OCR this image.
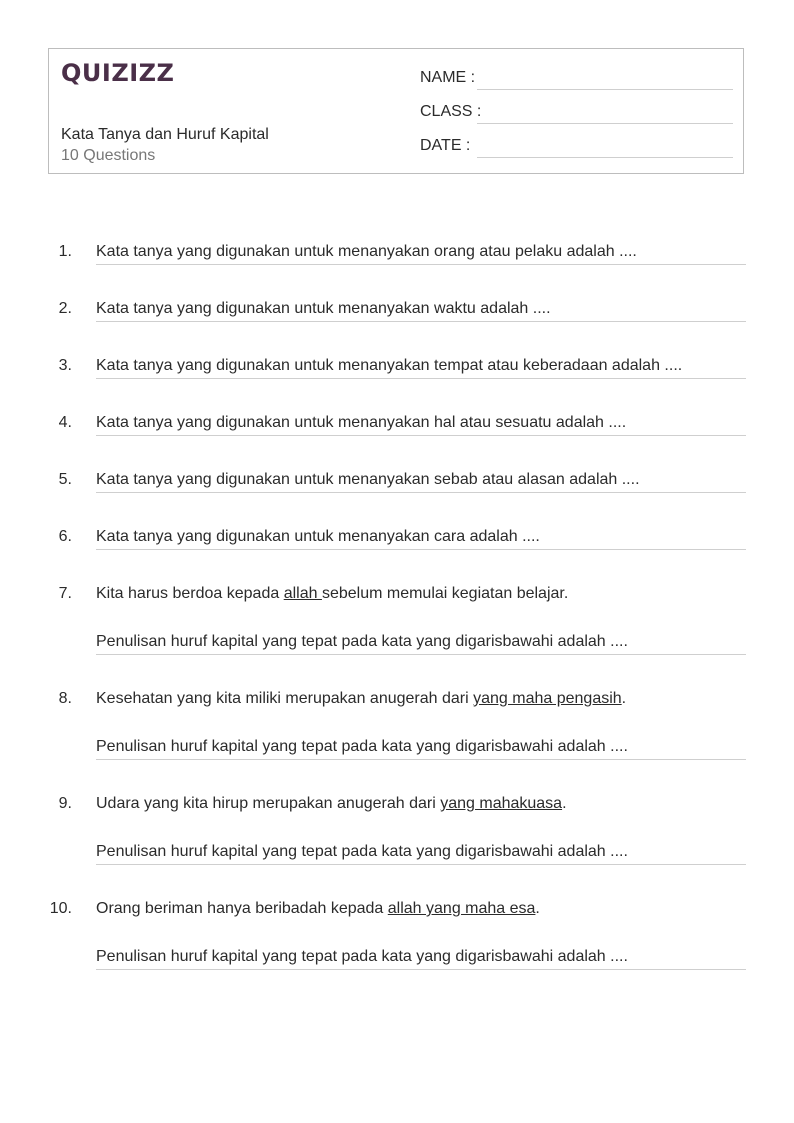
QUIZIZZ
Kata Tanya dan Huruf Kapital
10 Questions
NAME :
CLASS :
DATE :
1. Kata tanya yang digunakan untuk menanyakan orang atau pelaku adalah ....
2. Kata tanya yang digunakan untuk menanyakan waktu adalah ....
3. Kata tanya yang digunakan untuk menanyakan tempat atau keberadaan adalah ....
4. Kata tanya yang digunakan untuk menanyakan hal atau sesuatu adalah ....
5. Kata tanya yang digunakan untuk menanyakan sebab atau alasan adalah ....
6. Kata tanya yang digunakan untuk menanyakan cara adalah ....
7. Kita harus berdoa kepada allah sebelum memulai kegiatan belajar.
Penulisan huruf kapital yang tepat pada kata yang digarisbawahi adalah ....
8. Kesehatan yang kita miliki merupakan anugerah dari yang maha pengasih.
Penulisan huruf kapital yang tepat pada kata yang digarisbawahi adalah ....
9. Udara yang kita hirup merupakan anugerah dari yang mahakuasa.
Penulisan huruf kapital yang tepat pada kata yang digarisbawahi adalah ....
10. Orang beriman hanya beribadah kepada allah yang maha esa.
Penulisan huruf kapital yang tepat pada kata yang digarisbawahi adalah ....
